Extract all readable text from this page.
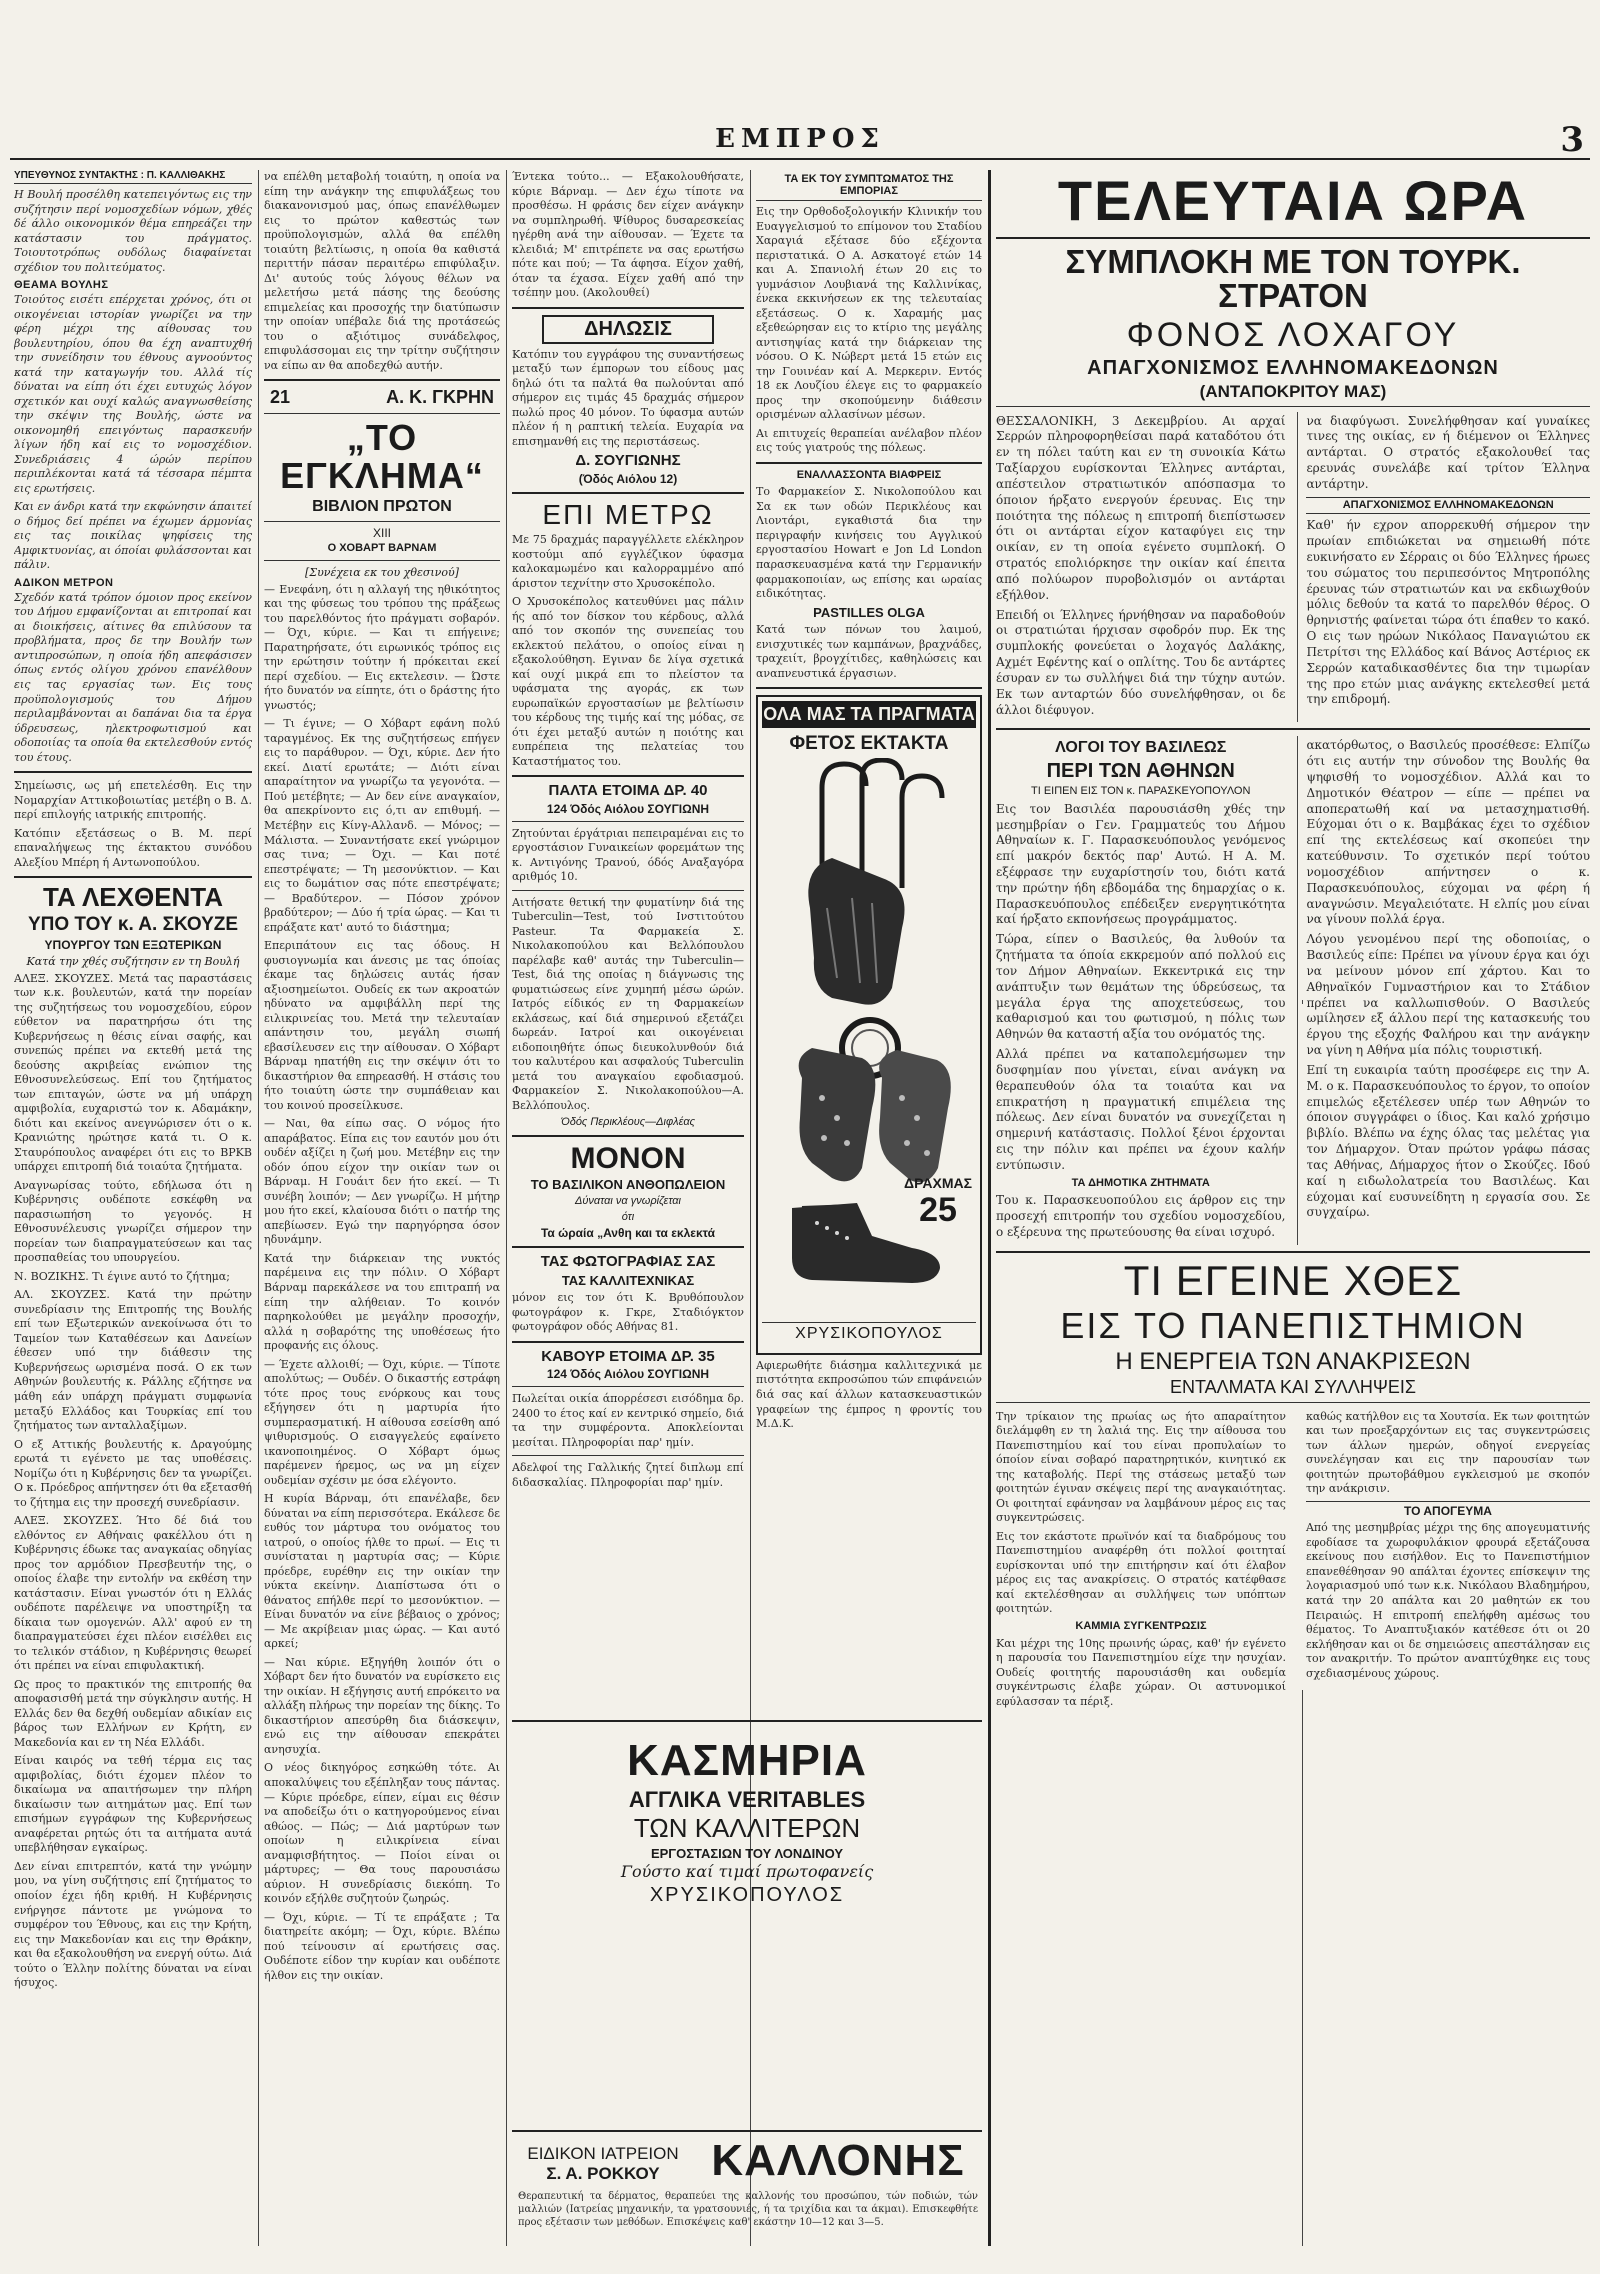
ΕΜΠΡΟΣ	3
ΥΠΕΥΘΥΝΟΣ ΣΥΝΤΑΚΤΗΣ : Π. ΚΑΛΛΙΘΑΚΗΣ

Η Βουλή προσέλθη κατεπειγόντως εις την συζήτησιν περί νομοσχεδίων νόμων, χθές δέ άλλο οικονομικόν θέμα επηρεάζει την κατάστασιν του πράγματος. Τοιουτοτρόπως ουδόλως διαφαίνεται σχέδιον του πολιτεύματος.

ΘΕΑΜΑ ΒΟΥΛΗΣ

Τοιούτος εισέτι επέρχεται χρόνος, ότι οι οικογένειαι ιστορίαν γνωρίζει να την φέρη μέχρι της αίθουσας του βουλευτηρίου, όπου θα έχη αναπτυχθή την συνείδησιν του έθνους αγνοούντος κατά την καταγωγήν του. Αλλά τίς δύναται να είπη ότι έχει ευτυχώς λόγον σχετικόν και ουχί καλώς αναγνωσθείσης την σκέψιν της Βουλής, ώστε να οικονομηθή επειγόντως παρασκευήν λίγων ήδη καί εις το νομοσχέδιον. Συνεδριάσεις 4 ώρών περίπου περιπλέκονται κατά τά τέσσαρα πέμπτα εις ερωτήσεις.

Και εν άνδρι κατά την εκφώνησιν άπαιτεί ο δήμος δεί πρέπει να έχωμεν άρμονίας εις τας ποικίλας ψηφίσεις της Αμφικτυονίας, αι όποίαι φυλάσσονται και πάλιν.

ΑΔΙΚΟΝ ΜΕΤΡΟΝ

Σχεδόν κατά τρόπον όμοιον προς εκείνον του Δήμου εμφανίζονται αι επιτροπαί και αι διοικήσεις, αίτινες θα επιλύσουν τα προβλήματα, προς δε την Βουλήν των αντιπροσώπων, η οποία ήδη απεφάσισεν όπως εντός ολίγου χρόνου επανέλθουν εις τας εργασίας των. Εις τους προϋπολογισμούς του Δήμου περιλαμβάνονται αι δαπάναι δια τα έργα ύδρευσεως, ηλεκτροφωτισμού και οδοποιίας τα οποία θα εκτελεσθούν εντός του έτους.

Σημείωσις, ως μή επετελέσθη. Εις την Νομαρχίαν Αττικοβοιωτίας μετέβη ο Β. Δ. περί επιλογής ιατρικής επιτροπής.

Κατόπιν εξετάσεως ο Β. Μ. περί επαναλήψεως της έκτακτου συνόδου Αλεξίου Μπέρη ή Αντωνοπούλου.

ΤΑ ΛΕΧΘΕΝΤΑ
ΥΠΟ ΤΟΥ κ. Α. ΣΚΟΥΖΕ
ΥΠΟΥΡΓΟΥ ΤΩΝ ΕΞΩΤΕΡΙΚΩΝ
Κατά την χθές συζήτησιν εν τη Βουλή

ΑΛΕΞ. ΣΚΟΥΖΕΣ. Μετά τας παραστάσεις των κ.κ. βουλευτών, κατά την πορείαν της συζητήσεως του νομοσχεδίου, εύρον εύθετον να παρατηρήσω ότι της Κυβερνήσεως η θέσις είναι σαφής, και συνεπώς πρέπει να εκτεθή μετά της δεούσης ακριβείας ενώπιον της Εθνοσυνελεύσεως. Επί του ζητήματος των επιταγών, ώστε να μή υπάρχη αμφιβολία, ευχαριστώ τον κ. Αδαμάκην, διότι και εκείνος ανεγνώρισεν ότι ο κ. Κρανιώτης ηρώτησε κατά τι. Ο κ. Σταυρόπουλος αναφέρει ότι εις το ΒΡΚΒ υπάρχει επιτροπή διά τοιαύτα ζητήματα.

Αναγνωρίσας τούτο, εδήλωσα ότι η Κυβέρνησις ουδέποτε εσκέφθη να παρασιωπήση το γεγονός. Η Εθνοσυνέλευσις γνωρίζει σήμερον την πορείαν των διαπραγματεύσεων και τας προσπαθείας του υπουργείου.

Ν. ΒΟΖΙΚΗΣ. Τι έγινε αυτό το ζήτημα;

ΑΛ. ΣΚΟΥΖΕΣ. Κατά την πρώτην συνεδρίασιν της Επιτροπής της Βουλής επί των Εξωτερικών ανεκοίνωσα ότι το Ταμείον των Καταθέσεων και Δανείων έθεσεν υπό την διάθεσιν της Κυβερνήσεως ωρισμένα ποσά. Ο εκ των Αθηνών βουλευτής κ. Ράλλης εζήτησε να μάθη εάν υπάρχη πράγματι συμφωνία μεταξύ Ελλάδος και Τουρκίας επί του ζητήματος των ανταλλαξίμων.

Ο εξ Αττικής βουλευτής κ. Δραγούμης ερωτά τι εγένετο με τας υποθέσεις. Νομίζω ότι η Κυβέρνησις δεν τα γνωρίζει. Ο κ. Πρόεδρος απήντησεν ότι θα εξετασθή το ζήτημα εις την προσεχή συνεδρίασιν.

ΑΛΕΞ. ΣΚΟΥΖΕΣ. Ήτο δέ διά του ελθόντος εν Αθήναις φακέλλου ότι η Κυβέρνησις έδωκε τας αναγκαίας οδηγίας προς τον αρμόδιον Πρεσβευτήν της, ο οποίος έλαβε την εντολήν να εκθέση την κατάστασιν. Είναι γνωστόν ότι η Ελλάς ουδέποτε παρέλειψε να υποστηρίξη τα δίκαια των ομογενών. Αλλ' αφού εν τη διαπραγματεύσει έχει πλέον εισέλθει εις το τελικόν στάδιον, η Κυβέρνησις θεωρεί ότι πρέπει να είναι επιφυλακτική.

Ως προς το πρακτικόν της επιτροπής θα αποφασισθή μετά την σύγκλησιν αυτής. Η Ελλάς δεν θα δεχθή ουδεμίαν αδικίαν εις βάρος των Ελλήνων εν Κρήτη, εν Μακεδονία και εν τη Νέα Ελλάδι.

Είναι καιρός να τεθή τέρμα εις τας αμφιβολίας, διότι έχομεν πλέον το δικαίωμα να απαιτήσωμεν την πλήρη δικαίωσιν των αιτημάτων μας. Επί των επισήμων εγγράφων της Κυβερνήσεως αναφέρεται ρητώς ότι τα αιτήματα αυτά υπεβλήθησαν εγκαίρως.

Δεν είναι επιτρεπτόν, κατά την γνώμην μου, να γίνη συζήτησις επί ζητήματος το οποίον έχει ήδη κριθή. Η Κυβέρνησις ενήργησε πάντοτε με γνώμονα το συμφέρον του Έθνους, και εις την Κρήτη, εις την Μακεδονίαν και εις την Θράκην, και θα εξακολουθήση να ενεργή ούτω. Διά τούτο ο Έλλην πολίτης δύναται να είναι ήσυχος.

να επέλθη μεταβολή τοιαύτη, η οποία να είπη την ανάγκην της επιφυλάξεως του διακανονισμού μας, όπως επανέλθωμεν εις το πρώτον καθεστώς των προϋπολογισμών, αλλά θα επέλθη τοιαύτη βελτίωσις, η οποία θα καθιστά περιττήν πάσαν περαιτέρω επιφύλαξιν. Δι' αυτούς τούς λόγους θέλων να μελετήσω μετά πάσης της δεούσης επιμελείας και προσοχής την διατύπωσιν την οποίαν υπέβαλε διά της προτάσεώς του ο αξιότιμος συνάδελφος, επιφυλάσσομαι εις την τρίτην συζήτησιν να είπω αν θα αποδεχθώ αυτήν.

21	Α. Κ. ΓΚΡΗΝ
„ΤΟ ΕΓΚΛΗΜΑ“
ΒΙΒΛΙΟΝ ΠΡΩΤΟΝ
XIII
Ο ΧΟΒΑΡΤ ΒΑΡΝΑΜ
[Συνέχεια εκ του χθεσινού]

— Ενεφάνη, ότι η αλλαγή της ηθικότητος και της φύσεως του τρόπου της πράξεως του παρελθόντος ήτο πράγματι σοβαρόν. — Όχι, κύριε. — Και τι επήγεινε; Παρατηρήσατε, ότι ειρωνικός τρόπος εις την ερώτησιν τούτην ή πρόκειται εκεί περί σχεδίου. — Εις εκτελεσιν. — Ώστε ήτο δυνατόν να είπητε, ότι ο δράστης ήτο γνωστός;

— Τι έγινε; — Ο Χόβαρτ εφάνη πολύ ταραγμένος. Εκ της συζητήσεως επήγεν εις το παράθυρον. — Όχι, κύριε. Δεν ήτο εκεί. Διατί ερωτάτε; — Διότι είναι απαραίτητον να γνωρίζω τα γεγονότα. — Πού μετέβητε; — Αν δεν είνε αναγκαίον, θα απεκρίνοντο εις ό,τι αν επιθυμή. — Μετέβην εις Κίνγ-Αλλανδ. — Μόνος; — Μάλιστα. — Συναντήσατε εκεί γνώριμον σας τινα; — Όχι. — Και ποτέ επεστρέψατε; — Τη μεσονύκτιον. — Και εις το δωμάτιον σας πότε επεστρέψατε; — Βραδύτερον. — Πόσον χρόνον βραδύτερον; — Δύο ή τρία ώρας. — Και τι επράξατε κατ' αυτό το διάστημα;

Επεριπάτουν εις τας όδους. Η φυσιογνωμία και άνεσις με τας όποίας έκαμε τας δηλώσεις αυτάς ήσαν αξιοσημείωτοι. Ουδείς εκ των ακροατών ηδύνατο να αμφιβάλλη περί της ειλικρινείας του. Μετά την τελευταίαν απάντησιν του, μεγάλη σιωπή εβασίλευσεν εις την αίθουσαν. Ο Χόβαρτ Βάρναμ ηπατήθη εις την σκέψιν ότι το δικαστήριον θα επηρεασθή. Η στάσις του ήτο τοιαύτη ώστε την συμπάθειαν και του κοινού προσείλκυσε.

— Ναι, θα είπω σας. Ο νόμος ήτο απαράβατος. Είπα εις τον εαυτόν μου ότι ουδέν αξίζει η ζωή μου. Μετέβην εις την οδόν όπου είχον την οικίαν των οι Βάρναμ. Η Γουάιτ δεν ήτο εκεί. — Τι συνέβη λοιπόν; — Δεν γνωρίζω. Η μήτηρ μου ήτο εκεί, κλαίουσα διότι ο πατήρ της απεβίωσεν. Εγώ την παρηγόρησα όσον ηδυνάμην.

Κατά την διάρκειαν της νυκτός παρέμεινα εις την πόλιν. Ο Χόβαρτ Βάρναμ παρεκάλεσε να του επιτραπή να είπη την αλήθειαν. Το κοινόν παρηκολούθει με μεγάλην προσοχήν, αλλά η σοβαρότης της υποθέσεως ήτο προφανής εις όλους.

— Έχετε αλλοιθί; — Όχι, κύριε. — Τίποτε απολύτως; — Ουδέν. Ο δικαστής εστράφη τότε προς τους ενόρκους και τους εξήγησεν ότι η μαρτυρία ήτο συμπερασματική. Η αίθουσα εσείσθη από ψιθυρισμούς. Ο εισαγγελεύς εφαίνετο ικανοποιημένος. Ο Χόβαρτ όμως παρέμενεν ήρεμος, ως να μη είχεν ουδεμίαν σχέσιν με όσα ελέγοντο.

Η κυρία Βάρναμ, ότι επανέλαβε, δεν δύναται να είπη περισσότερα. Εκάλεσε δε ευθύς τον μάρτυρα του ονόματος του ιατρού, ο οποίος ήλθε το πρωί. — Εις τι συνίσταται η μαρτυρία σας; — Κύριε πρόεδρε, ευρέθην εις την οικίαν την νύκτα εκείνην. Διαπίστωσα ότι ο θάνατος επήλθε περί το μεσονύκτιον. — Είναι δυνατόν να είνε βέβαιος ο χρόνος; — Με ακρίβειαν μιας ώρας. — Και αυτό αρκεί;

— Ναι κύριε. Εξηγήθη λοιπόν ότι ο Χόβαρτ δεν ήτο δυνατόν να ευρίσκετο εις την οικίαν. Η εξήγησις αυτή επρόκειτο να αλλάξη πλήρως την πορείαν της δίκης. Το δικαστήριον απεσύρθη δια διάσκεψιν, ενώ εις την αίθουσαν επεκράτει ανησυχία.

Ο νέος δικηγόρος εσηκώθη τότε. Αι αποκαλύψεις του εξέπληξαν τους πάντας. — Κύριε πρόεδρε, είπεν, είμαι εις θέσιν να αποδείξω ότι ο κατηγορούμενος είναι αθώος. — Πώς; — Διά μαρτύρων των οποίων η ειλικρίνεια είναι αναμφισβήτητος. — Ποίοι είναι οι μάρτυρες; — Θα τους παρουσιάσω αύριον. Η συνεδρίασις διεκόπη. Το κοινόν εξήλθε συζητούν ζωηρώς.

— Όχι, κύριε. — Τί τε επράξατε ; Τα διατηρείτε ακόμη; — Όχι, κύριε. Βλέπω πού τείνουσιν αί ερωτήσεις σας. Ουδέποτε είδον την κυρίαν και ουδέποτε ήλθον εις την οικίαν.

Έντεκα τούτο... — Εξακολουθήσατε, κύριε Βάρναμ. — Δεν έχω τίποτε να προσθέσω. Η φράσις δεν είχεν ανάγκην να συμπληρωθή. Ψίθυρος δυσαρεσκείας ηγέρθη ανά την αίθουσαν. — Έχετε τα κλειδιά; Μ' επιτρέπετε να σας ερωτήσω πότε και πού; — Τα άφησα. Είχον χαθή, όταν τα έχασα. Είχεν χαθή από την τσέπην μου. (Ακολουθεί)

ΔΗΛΩΣΙΣ

Κατόπιν του εγγράφου της συναντήσεως μεταξύ των έμπορων του είδους μας δηλώ ότι τα παλτά θα πωλούνται από σήμερον εις τιμάς 45 δραχμάς σήμερον πωλώ προς 40 μόνον. Το ύφασμα αυτών πλέον ή η ραπτική τελεία. Ευχαρία να επισημανθή εις της περιστάσεως.

Δ. ΣΟΥΓΙΩΝΗΣ
(Όδός Αιόλου 12)
ΕΠΙ ΜΕΤΡΩ

Με 75 δραχμάς παραγγέλλετε ελέκληρον κοστούμι από εγγλέζικον ύφασμα καλοκαμωμένο και καλορραμμένο από άριστον τεχνίτην στο Χρυσοκέπολο.

Ο Χρυσοκέπολος κατευθύνει μας πάλιν ής από τον δίσκον του κέρδους, αλλά από τον σκοπόν της συνεπείας του εκλεκτού πελάτου, ο οποίος είναι η εξακολούθηση. Εγιναν δε λίγα σχετικά καί ουχί μικρά επι το πλείστον τα υφάσματα της αγοράς, εκ των ευρωπαϊκών εργοστασίων με βελτίωσιν του κέρδους της τιμής καί της μόδας, σε ότι έχει μεταξύ αυτών η ποιότης και ευπρέπεια της πελατείας του Καταστήματος του.

ΠΑΛΤΑ ΕΤΟΙΜΑ ΔΡ. 40
124 Όδός Αιόλου ΣΟΥΓΙΩΝΗ

Ζητούνται έργάτριαι πεπειραμέναι εις το εργοστάσιον Γυναικείων φορεμάτων της κ. Αντιγόνης Τρανού, όδός Αναξαγόρα αριθμός 10.

Αιτήσατε θετική την φυματίνην διά της Tuberculin—Test, τού Ινστιτούτου Pasteur. Τα Φαρμακεία Σ. Νικολακοπούλου και Βελλόπουλου παρέλαβε καθ' αυτάς την Tuberculin—Test, διά της οποίας η διάγνωσις της φυματιώσεως είνε χυμηπή μέσω ώρών. Ιατρός είδικός εν τη Φαρμακείων εκλάσεως, καί διά σημερινού εξετάζει δωρεάν. Ιατροί και οικογένειαι ειδοποιηθήτε όπως διευκολυνθούν διά του καλυτέρου και ασφαλούς Tuberculin μετά του αναγκαίου εφοδιασμού. Φαρμακείον Σ. Νικολακοπούλου—Α. Βελλόπουλος.

Όδός Περικλέους—Διφλέας
ΜΟΝΟΝ
ΤΟ ΒΑΣΙΛΙΚΟΝ ΑΝΘΟΠΩΛΕΙΟΝ
Δύναται να γνωρίζεται
ότι
Τα ώραία „Ανθη και τα εκλεκτά
ΤΑΣ ΦΩΤΟΓΡΑΦΙΑΣ ΣΑΣ
ΤΑΣ ΚΑΛΛΙΤΕΧΝΙΚΑΣ

μόνον εις τον ότι Κ. Βρυθόπουλον φωτογράφον κ. Γκρε, Σταδιόγκτον φωτογράφον οδός Αθήνας 81.

ΚΑΒΟΥΡ ΕΤΟΙΜΑ ΔΡ. 35
124 Όδός Αιόλου ΣΟΥΓΙΩΝΗ

Πωλείται οικία άπορρέσεσι εισόδημα δρ. 2400 το έτος καί εν κεντρικό σημείο, διά τα την συμφέροντα. Αποκλείονται μεσίται. Πληροφορίαι παρ' ημίν.

Αδελφοί της Γαλλικής ζητεί διπλωμ επί διδασκαλίας. Πληροφορίαι παρ' ημίν.

ΤΑ ΕΚ ΤΟΥ ΣΥΜΠΤΩΜΑΤΟΣ ΤΗΣ ΕΜΠΟΡΙΑΣ

Εις την Ορθοδοξολογικήν Κλινικήν του Ευαγγελισμού το επίμονον του Σταδίου Χαραγιά εξέτασε δύο εξέχοντα περιστατικά. Ο Α. Ασκατογέ ετών 14 και Α. Σπανιολή έτων 20 εις το γυμνάσιον Λουβιανά της Καλλινίκας, ένεκα εκκινήσεων εκ της τελευταίας εξετάσεως. Ο κ. Χαραμής μας εξεθεώρησαν εις το κτίριο της μεγάλης αντισηψίας κατά την διάρκειαν της νόσου. Ο Κ. Νώβερτ μετά 15 ετών εις την Γουινέαν καί Α. Μερκεριν. Εντός 18 εκ Λουζίου έλεγε εις το φαρμακείο προς την σκοπούμενην διάθεσιν ορισμένων αλλασίνων μέσων.

Αι επιτυχείς θεραπείαι ανέλαβον πλέον εις τούς γιατρούς της πόλεως.

ΕΝΑΛΛΑΣΣΟΝΤΑ ΒΙΑΦΡΕΙΣ

Το Φαρμακείον Σ. Νικολοπούλου και Σα εκ των οδών Περικλέους και Λιοντάρι, εγκαθιστά δια την περιγραφήν κινήσεις του Αγγλικού εργοστασίου Howart e Jon Ld London παρασκευασμένα κατά την Γερμανικήν φαρμακοποιίαν, ως επίσης και ωραίας ειδικότητας.

PASTILLES OLGA

Κατά των πόνων του λαιμού, ενισχυτικές των καμπάνων, βραχνάδες, τραχειίτ, βρογχίτιδες, καθηλώσεις και αναπνευστικά έργασιων.

ΟΛΑ ΜΑΣ ΤΑ ΠΡΑΓΜΑΤΑ
ΦΕΤΟΣ ΕΚΤΑΚΤΑ
ΔΡΑΧΜΑΣ
25
ΧΡΥΣΙΚΟΠΟΥΛΟΣ

Αφιερωθήτε διάσημα καλλιτεχνικά με πιστότητα εκπροσώπου τών επιφάνειών διά σας καί άλλων κατασκευαστικών γραφείων της έμπρος η φροντίς του Μ.Δ.Κ.

ΚΑΣΜΗΡΙΑ
ΑΓΓΛΙΚΑ VERITABLES
ΤΩΝ ΚΑΛΛΙΤΕΡΩΝ
ΕΡΓΟΣΤΑΣΙΩΝ ΤΟΥ ΛΟΝΔΙΝΟΥ
Γούστο καί τιμαί πρωτοφανείς
ΧΡΥΣΙΚΟΠΟΥΛΟΣ
ΕΙΔΙΚΟΝ ΙΑΤΡΕΙΟΝ
Σ. Α. ΡΟΚΚΟΥ	ΚΑΛΛΟΝΗΣ

Θεραπευτική τα δέρματος, θεραπεύει της καλλονής του προσώπου, τών ποδιών, τών μαλλιών (Ιατρείας μηχανικήν, τα γρατσουνιές, ή τα τριχίδια και τα άκμαι). Επισκεφθήτε προς εξέτασιν των μεθόδων. Επισκέψεις καθ' εκάστην 10—12 και 3—5.

ΤΕΛΕΥΤΑΙΑ ΩΡΑ
ΣΥΜΠΛΟΚΗ ΜΕ ΤΟΝ ΤΟΥΡΚ. ΣΤΡΑΤΟΝ
ΦΟΝΟΣ ΛΟΧΑΓΟΥ
ΑΠΑΓΧΟΝΙΣΜΟΣ ΕΛΛΗΝΟΜΑΚΕΔΟΝΩΝ
(ΑΝΤΑΠΟΚΡΙΤΟΥ ΜΑΣ)

ΘΕΣΣΑΛΟΝΙΚΗ, 3 Δεκεμβρίου. Αι αρχαί Σερρών πληροφορηθείσαι παρά καταδότου ότι εν τη πόλει ταύτη και εν τη συνοικία Κάτω Ταξίαρχου ευρίσκονται Έλληνες αντάρται, απέστειλον στρατιωτικόν απόσπασμα το όποιον ήρξατο ενεργούν έρευνας. Εις την ποιότητα της πόλεως η επιτροπή διεπίστωσεν ότι οι αντάρται είχον καταφύγει εις την οικίαν, εν τη οποία εγένετο συμπλοκή. Ο στρατός επολιόρκησε την οικίαν καί έπειτα από πολύωρον πυροβολισμόν οι αντάρται εξήλθον.

Επειδή οι Έλληνες ήρνήθησαν να παραδοθούν οι στρατιώται ήρχισαν σφοδρόν πυρ. Εκ της συμπλοκής φονεύεται ο λοχαγός Δαλάκης, Αχμέτ Εφέντης καί ο οπλίτης. Του δε αντάρτες έσυραν εν τω συλλήψει διά την τύχην αυτών. Εκ των ανταρτών δύο συνελήφθησαν, οι δε άλλοι διέφυγον.

να διαφύγωσι. Συνελήφθησαν καί γυναίκες τινες της οικίας, εν ή διέμενον οι Έλληνες αντάρται. Ο στρατός εξακολουθεί τας ερευνάς συνελάβε καί τρίτον Έλληνα αντάρτην.

ΑΠΑΓΧΟΝΙΣΜΟΣ ΕΛΛΗΝΟΜΑΚΕΔΟΝΩΝ

Καθ' ήν εχρον απορρεκυθή σήμερον την πρωίαν επιδιώκεται να σημειωθή πότε ευκινήσατο εν Σέρραις οι δύο Έλληνες ήρωες του σώματος του περιπεσόντος Μητροπόλης έρευνας τών στρατιωτών και να εκδιωχθούν μόλις δεθούν τα κατά το παρελθόν θέρος. Ο θρηνιστής φαίνεται τώρα ότι έπαθεν το κακό. Ο εις των ηρώων Νικόλαος Παναγιώτου εκ Πετρίτσι της Ελλάδος καί Βάνος Αστέριος εκ Σερρών καταδικασθέντες δια την τιμωρίαν της προ ετών μιας ανάγκης εκτελεσθεί μετά την επιδρομή.

ΛΟΓΟΙ ΤΟΥ ΒΑΣΙΛΕΩΣ
ΠΕΡΙ ΤΩΝ ΑΘΗΝΩΝ
ΤΙ ΕΙΠΕΝ ΕΙΣ ΤΟΝ κ. ΠΑΡΑΣΚΕΥΟΠΟΥΛΟΝ

Εις τον Βασιλέα παρουσιάσθη χθές την μεσημβρίαν ο Γεν. Γραμματεύς του Δήμου Αθηναίων κ. Γ. Παρασκευόπουλος γενόμενος επί μακρόν δεκτός παρ' Αυτώ. Η Α. Μ. εξέφρασε την ευχαρίστησίν του, διότι κατά την πρώτην ήδη εβδομάδα της δημαρχίας ο κ. Παρασκευόπουλος επέδειξεν ενεργητικότητα καί ήρξατο εκπονήσεως προγράμματος.

Τώρα, είπεν ο Βασιλεύς, θα λυθούν τα ζητήματα τα όποία εκκρεμούν από πολλού εις τον Δήμον Αθηναίων. Εκκεντρικά εις την ανάπτυξιν των θεμάτων της ύδρεύσεως, τα μεγάλα έργα της αποχετεύσεως, του καθαρισμού και του φωτισμού, η πόλις των Αθηνών θα καταστή αξία του ονόματός της.

Αλλά πρέπει να καταπολεμήσωμεν την δυσφημίαν που γίνεται, είναι ανάγκη να θεραπευθούν όλα τα τοιαύτα και να επικρατήση η πραγματική επιμέλεια της πόλεως. Δεν είναι δυνατόν να συνεχίζεται η σημερινή κατάστασις. Πολλοί ξένοι έρχονται εις την πόλιν και πρέπει να έχουν καλήν εντύπωσιν.

ΤΑ ΔΗΜΟΤΙΚΑ ΖΗΤΗΜΑΤΑ

Του κ. Παρασκευοπούλου εις άρθρον εις την προσεχή επιτροπήν του σχεδίου νομοσχεδίου, ο εξέρευνα της πρωτεύουσης θα είναι ισχυρό.

ακατόρθωτος, ο Βασιλεύς προσέθεσε: Ελπίζω ότι εις αυτήν την σύνοδον της Βουλής θα ψηφισθή το νομοσχέδιον. Αλλά και το Δημοτικόν Θέατρον — είπε — πρέπει να αποπερατωθή καί να μετασχηματισθή. Εύχομαι ότι ο κ. Βαμβάκας έχει το σχέδιον επί της εκτελέσεως καί σκοπεύει την κατεύθυνσιν. Το σχετικόν περί τούτου νομοσχέδιον απήντησεν ο κ. Παρασκευόπουλος, εύχομαι να φέρη ή αναγνώσιν. Μεγαλειότατε. Η ελπίς μου είναι να γίνουν πολλά έργα.

Λόγου γενομένου περί της οδοποιίας, ο Βασιλεύς είπε: Πρέπει να γίνουν έργα και όχι να μείνουν μόνον επί χάρτου. Και το Αθηναϊκόν Γυμναστήριον και το Στάδιον πρέπει να καλλωπισθούν. Ο Βασιλεύς ωμίλησεν εξ άλλου περί της κατασκευής του έργου της εξοχής Φαλήρου και την ανάγκην να γίνη η Αθήνα μία πόλις τουριστική.

Επί τη ευκαιρία ταύτη προσέφερε εις την Α. Μ. ο κ. Παρασκευόπουλος το έργον, το οποίον επιμελώς εξετέλεσεν υπέρ των Αθηνών το όποιον συγγράφει ο ίδιος. Και καλό χρήσιμο βιβλίο. Βλέπω να έχης όλας τας μελέτας για τον Δήμαρχον. Όταν πρώτον γράφω πάσας τας Αθήνας, Δήμαρχος ήτον ο Σκούζες. Ιδού καί η ειδωλολατρεία του Βασιλέως. Και εύχομαι καί ευσυνείδητη η εργασία σου. Σε συγχαίρω.

ΤΙ ΕΓΕΙΝΕ ΧΘΕΣ
ΕΙΣ ΤΟ ΠΑΝΕΠΙΣΤΗΜΙΟΝ
Η ΕΝΕΡΓΕΙΑ ΤΩΝ ΑΝΑΚΡΙΣΕΩΝ
ΕΝΤΑΛΜΑΤΑ ΚΑΙ ΣΥΛΛΗΨΕΙΣ

Την τρίκαιον της πρωίας ως ήτο απαραίτητον διελάμφθη εν τη λαλιά της. Εις την αίθουσα του Πανεπιστημίου καί του είναι προπυλαίων το όποίον είναι σοβαρό παρατηρητικόν, κινητικό εκ της καταβολής. Περί της στάσεως μεταξύ των φοιτητών έγιναν σκέψεις περί της αναγκαιότητας. Οι φοιτηταί εφάνησαν να λαμβάνουν μέρος εις τας συγκεντρώσεις.

Εις τον εκάστοτε πρωϊνόν καί τα διαδρόμους του Πανεπιστημίου αναφέρθη ότι πολλοί φοιτηταί ευρίσκονται υπό την επιτήρησιν καί ότι έλαβον μέρος εις τας ανακρίσεις. Ο στρατός κατέφθασε καί εκτελέσθησαν αι συλλήψεις των υπόπτων φοιτητών.

ΚΑΜΜΙΑ ΣΥΓΚΕΝΤΡΩΣΙΣ

Και μέχρι της 10ης πρωινής ώρας, καθ' ήν εγένετο η παρουσία του Πανεπιστημίου είχε την ησυχίαν. Ουδείς φοιτητής παρουσιάσθη και ουδεμία συγκέντρωσις έλαβε χώραν. Οι αστυνομικοί εφύλασσαν τα πέριξ.

καθώς κατήλθον εις τα Χουτσία. Εκ των φοιτητών και των προεξαρχόντων εις τας συγκεντρώσεις των άλλων ημερών, οδηγοί ενεργείας συνελέγησαν και εις την παρουσίαν των φοιτητών πρωτοβάθμου εγκλεισμού με σκοπόν την ανάκρισιν.

ΤΟ ΑΠΟΓΕΥΜΑ

Από της μεσημβρίας μέχρι της 6ης απογευματινής εφοδίασε τα χωροφυλάκιον φρουρά εξετάζουσα εκείνους που εισήλθον. Εις το Πανεπιστήμιον επανεθέθησαν 90 απάλται έχοντες επίσκεψιν της λογαριασμού υπό των κ.κ. Νικόλαου Βλαδημήρου, κατά την 20 απάλτα και 20 μαθητών εκ του Πειραιώς. Η επιτροπή επελήφθη αμέσως του θέματος. Το Αναπτυξιακόν κατέθεσε ότι οι 20 εκλήθησαν και οι δε σημειώσεις απεστάλησαν εις τον ανακριτήν. Το πρώτον αναπτύχθηκε εις τους σχεδιασμένους χώρους.
